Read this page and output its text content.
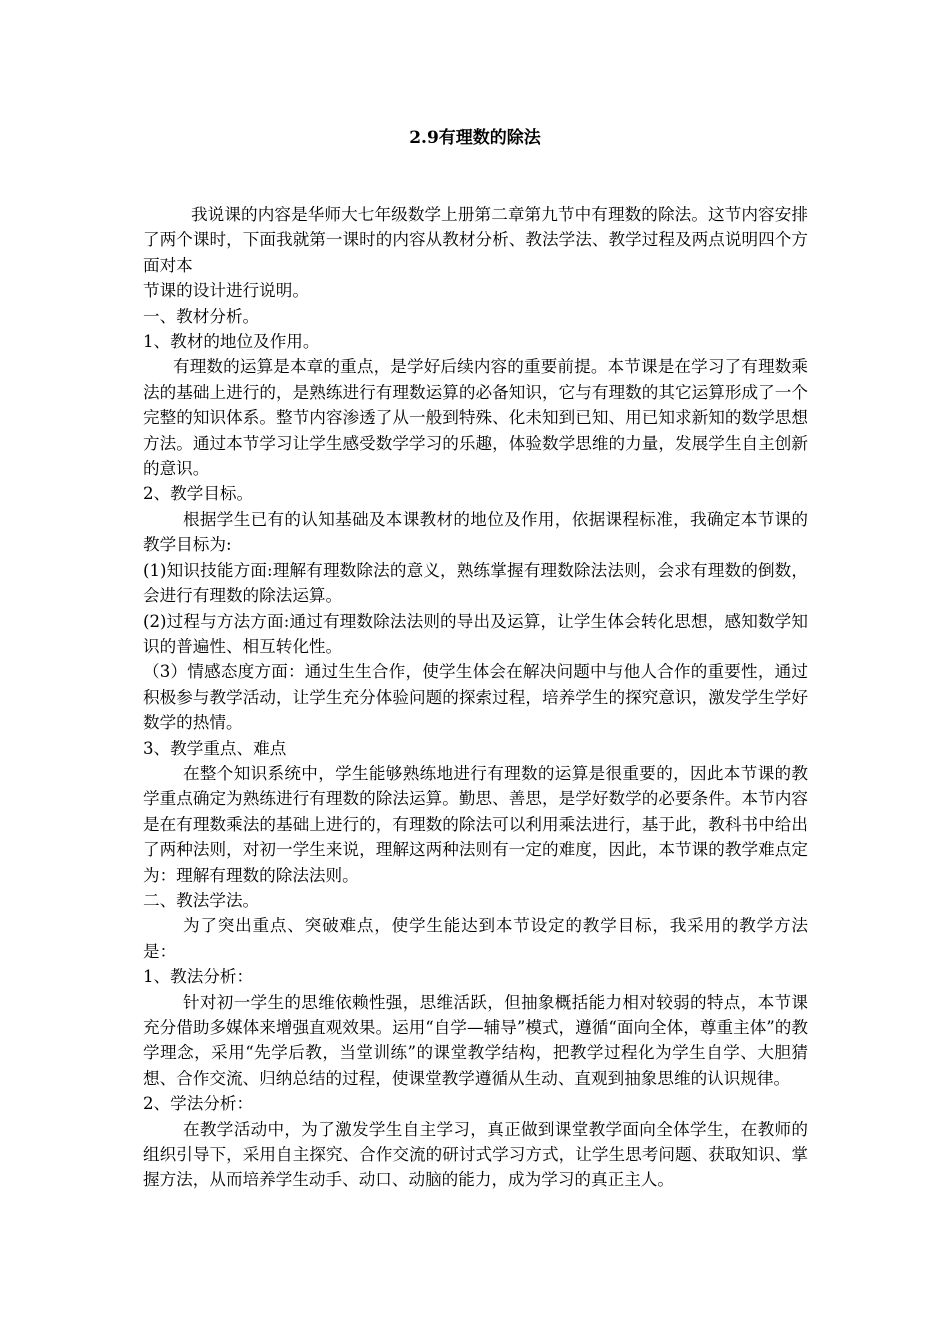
2.9有理数的除法

我说课的内容是华师大七年级数学上册第二章第九节中有理数的除法。这节内容安排了两个课时，下面我就第一课时的内容从教材分析、教法学法、教学过程及两点说明四个方面对本

节课的设计进行说明。

一、教材分析。

1、教材的地位及作用。

有理数的运算是本章的重点，是学好后续内容的重要前提。本节课是在学习了有理数乘法的基础上进行的，是熟练进行有理数运算的必备知识，它与有理数的其它运算形成了一个完整的知识体系。整节内容渗透了从一般到特殊、化未知到已知、用已知求新知的数学思想方法。通过本节学习让学生感受数学学习的乐趣，体验数学思维的力量，发展学生自主创新的意识。

2、教学目标。

根据学生已有的认知基础及本课教材的地位及作用，依据课程标准，我确定本节课的教学目标为:

(1)知识技能方面:理解有理数除法的意义，熟练掌握有理数除法法则，会求有理数的倒数，会进行有理数的除法运算。

(2)过程与方法方面:通过有理数除法法则的导出及运算，让学生体会转化思想，感知数学知识的普遍性、相互转化性。

（3）情感态度方面：通过生生合作，使学生体会在解决问题中与他人合作的重要性，通过积极参与教学活动，让学生充分体验问题的探索过程，培养学生的探究意识，激发学生学好数学的热情。

3、教学重点、难点

在整个知识系统中，学生能够熟练地进行有理数的运算是很重要的，因此本节课的教学重点确定为熟练进行有理数的除法运算。勤思、善思，是学好数学的必要条件。本节内容是在有理数乘法的基础上进行的，有理数的除法可以利用乘法进行，基于此，教科书中给出了两种法则，对初一学生来说，理解这两种法则有一定的难度，因此，本节课的教学难点定为：理解有理数的除法法则。

二、教法学法。

为了突出重点、突破难点，使学生能达到本节设定的教学目标，我采用的教学方法是：

1、教法分析：

针对初一学生的思维依赖性强，思维活跃，但抽象概括能力相对较弱的特点，本节课充分借助多媒体来增强直观效果。运用“自学—辅导”模式，遵循“面向全体，尊重主体”的教学理念，采用“先学后教，当堂训练”的课堂教学结构，把教学过程化为学生自学、大胆猜想、合作交流、归纳总结的过程，使课堂教学遵循从生动、直观到抽象思维的认识规律。

2、学法分析：

在教学活动中，为了激发学生自主学习，真正做到课堂教学面向全体学生，在教师的组织引导下，采用自主探究、合作交流的研讨式学习方式，让学生思考问题、获取知识、掌握方法，从而培养学生动手、动口、动脑的能力，成为学习的真正主人。
